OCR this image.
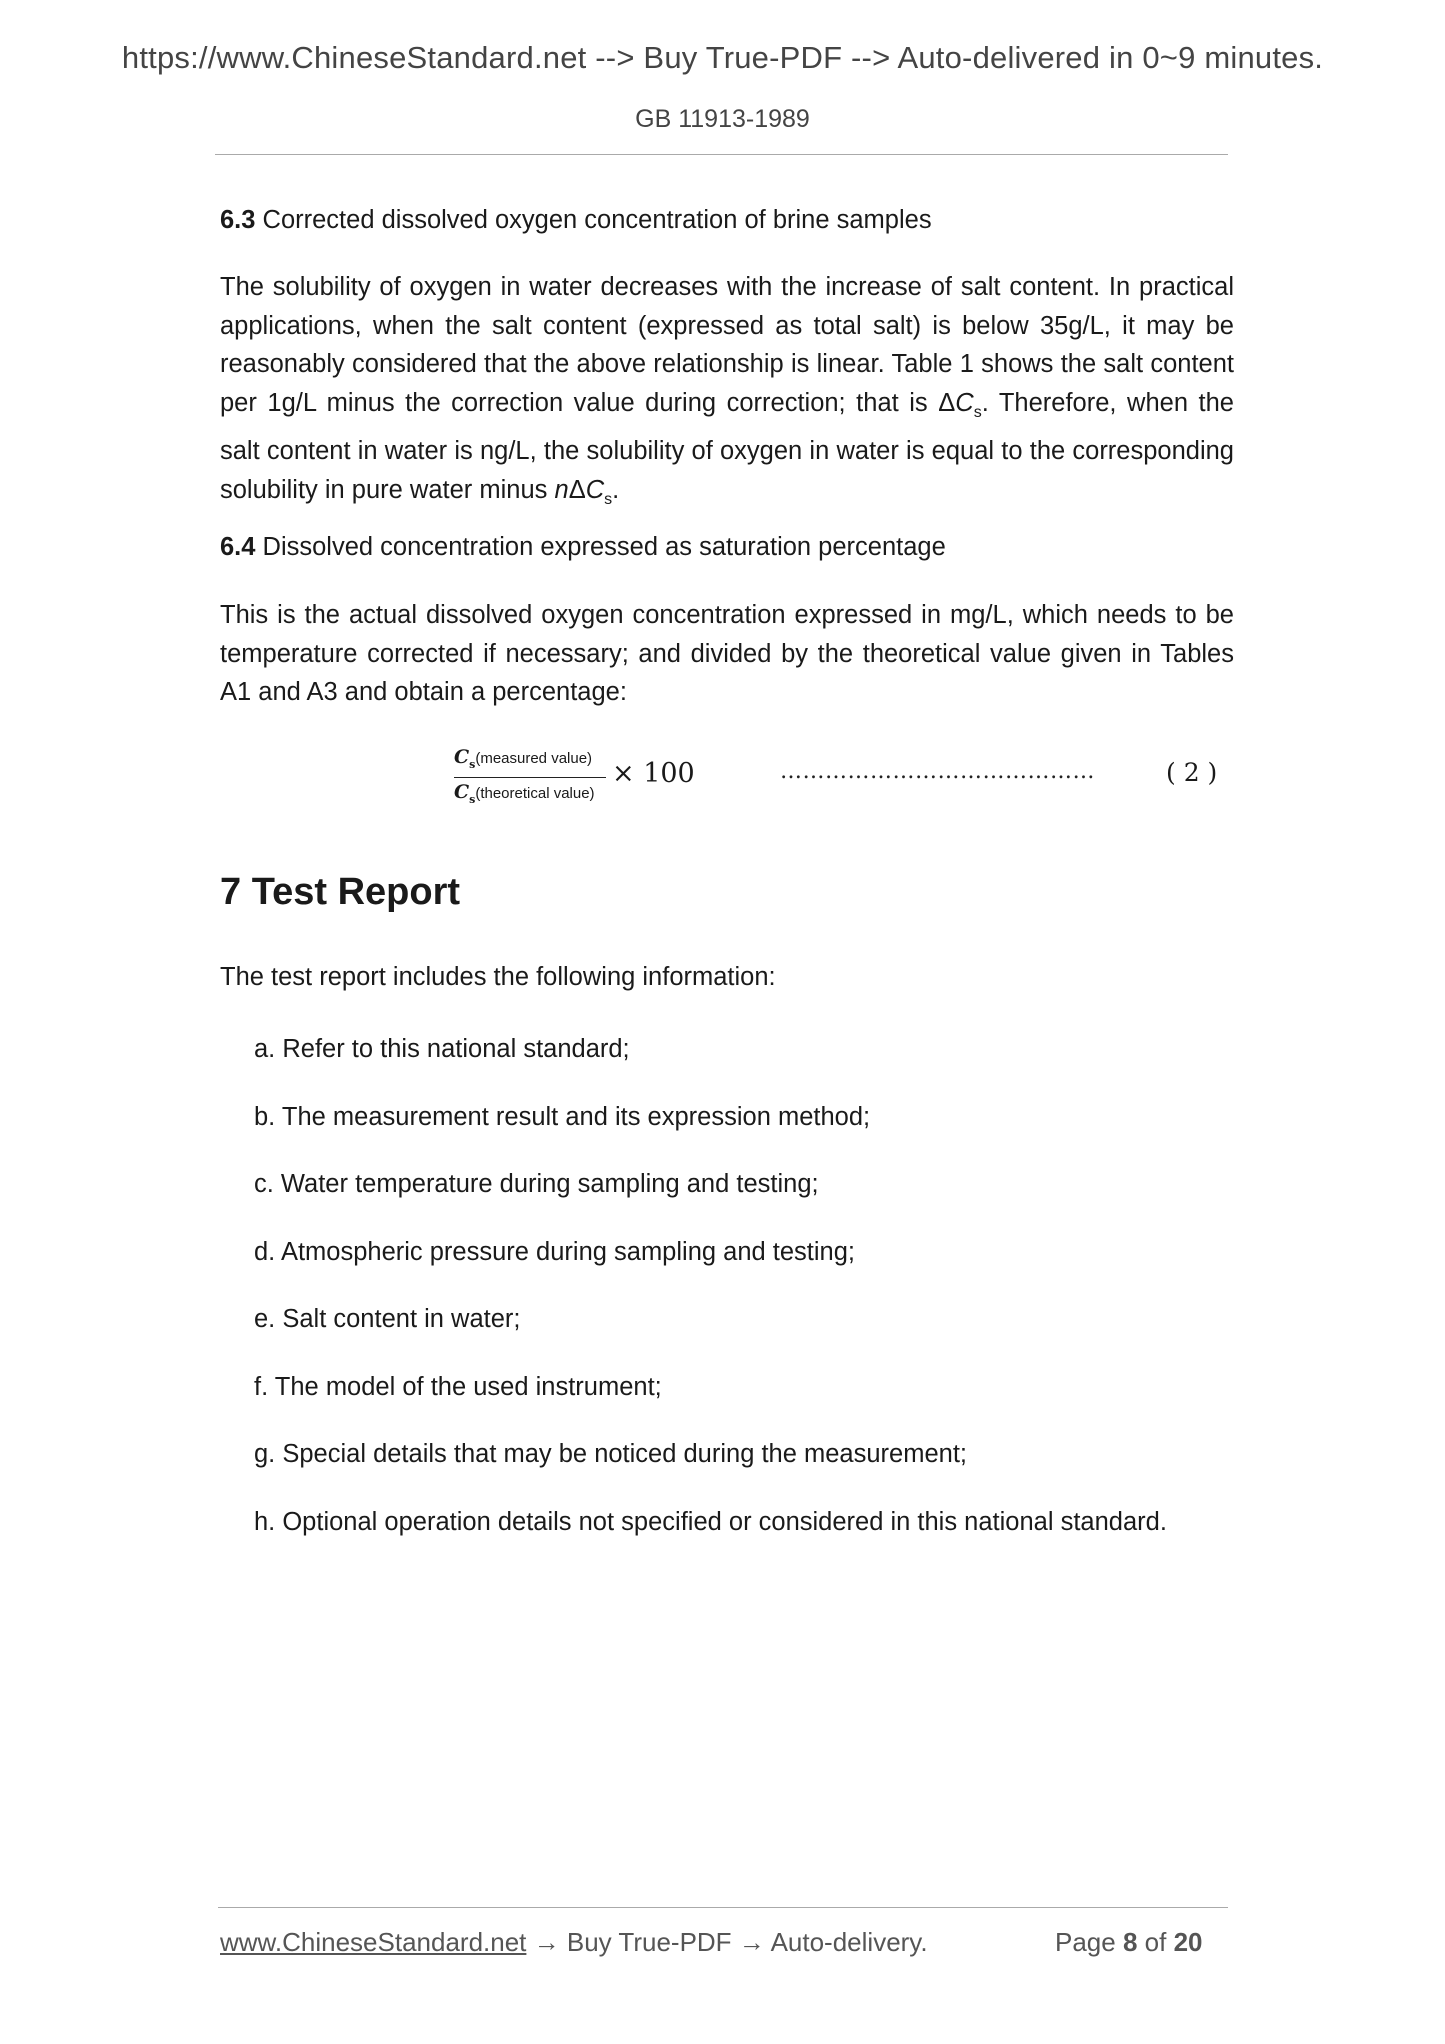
https://www.ChineseStandard.net --> Buy True-PDF --> Auto-delivered in 0~9 minutes.
GB 11913-1989
6.3 Corrected dissolved oxygen concentration of brine samples

The solubility of oxygen in water decreases with the increase of salt content. In practical applications, when the salt content (expressed as total salt) is below 35g/L, it may be reasonably considered that the above relationship is linear. Table 1 shows the salt content per 1g/L minus the correction value during correction; that is $\Delta C_s$. Therefore, when the salt content in water is ng/L, the solubility of oxygen in water is equal to the corresponding solubility in pure water minus nΔC$_s$.

6.4 Dissolved concentration expressed as saturation percentage

This is the actual dissolved oxygen concentration expressed in mg/L, which needs to be temperature corrected if necessary; and divided by the theoretical value given in Tables A1 and A3 and obtain a percentage:

$C_s(measured$ value)
$C_s(theoretical$ value)
× 100	……………………………………	( 2 )
7 Test Report
The test report includes the following information:
a. Refer to this national standard;
b. The measurement result and its expression method;
c. Water temperature during sampling and testing;
d. Atmospheric pressure during sampling and testing;
e. Salt content in water;
f. The model of the used instrument;
g. Special details that may be noticed during the measurement;
h. Optional operation details not specified or considered in this national standard.
www.ChineseStandard.net → Buy True-PDF → Auto-delivery.	Page 8 of 20
